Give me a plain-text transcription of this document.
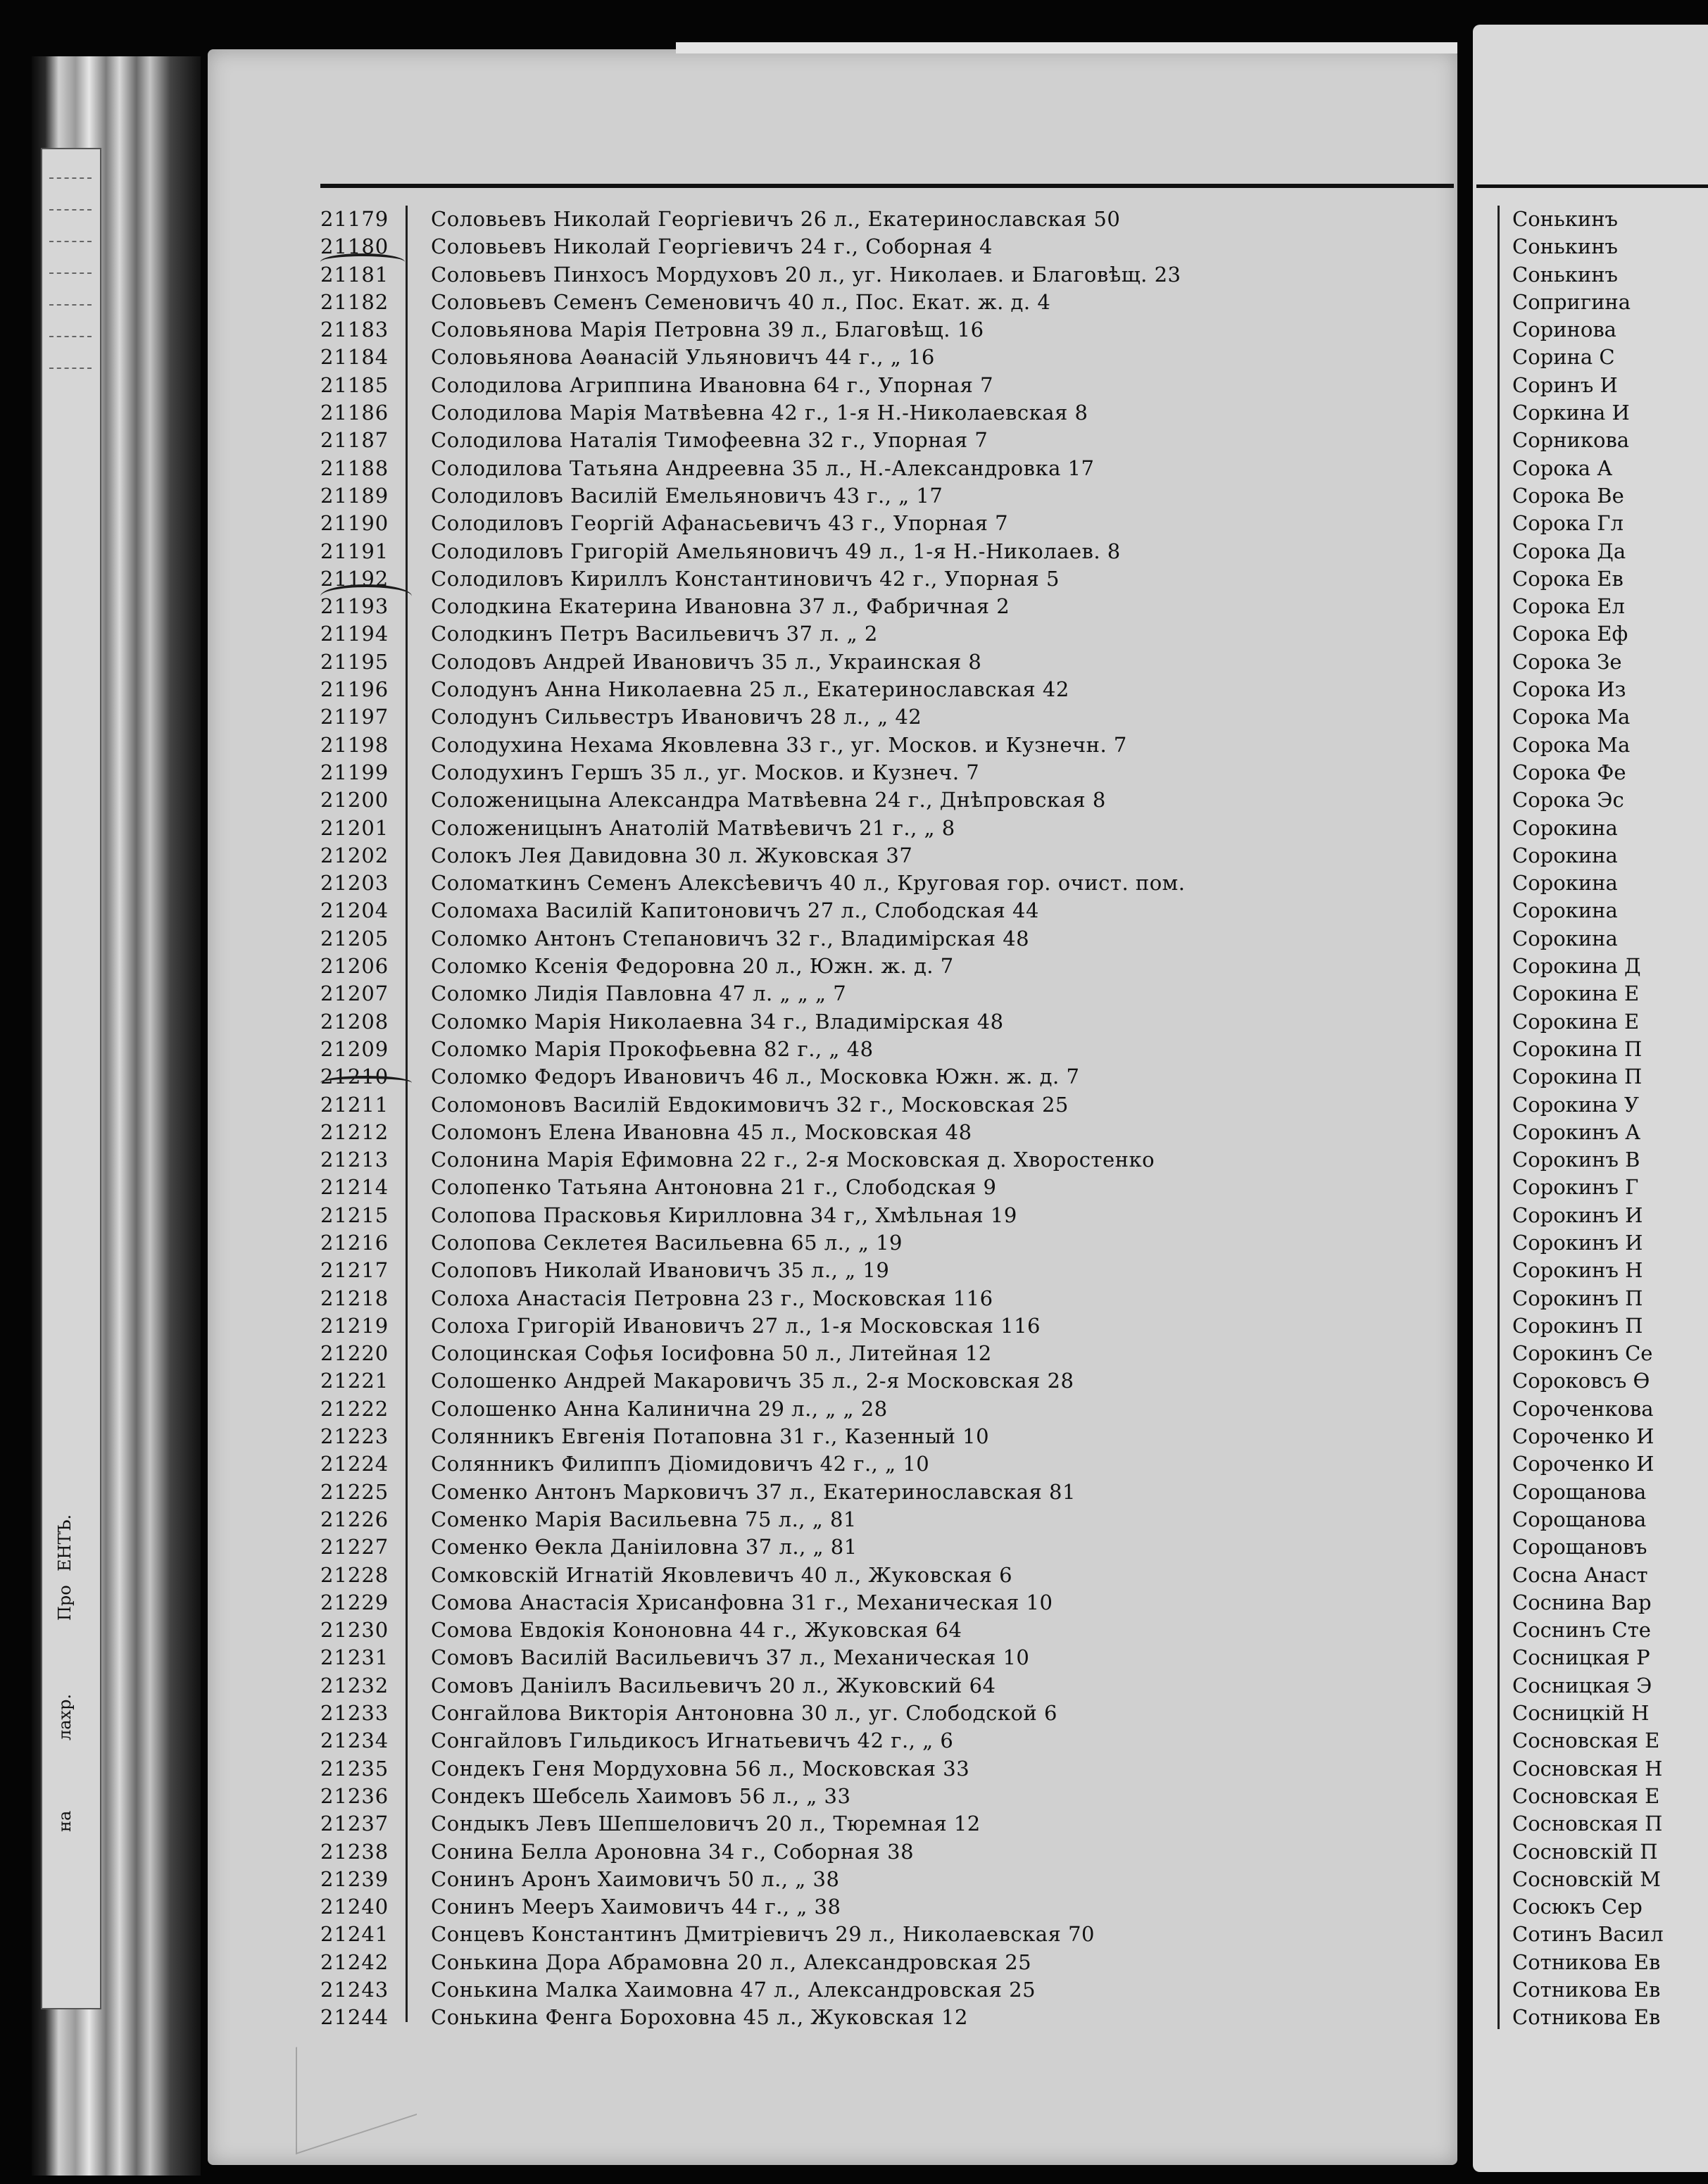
ЕНТЪ.
Про
лахр.
на
21179	Соловьевъ Николай Георгіевичъ 26 л., Екатеринославская 50
21180	Соловьевъ Николай Георгіевичъ 24 г., Соборная 4
21181	Соловьевъ Пинхосъ Мордуховъ 20 л., уг. Николаев. и Благовѣщ. 23
21182	Соловьевъ Семенъ Семеновичъ 40 л., Пос. Екат. ж. д. 4
21183	Соловьянова Марія Петровна 39 л., Благовѣщ. 16
21184	Соловьянова Аѳанасій Ульяновичъ 44 г., „ 16
21185	Солодилова Агриппина Ивановна 64 г., Упорная 7
21186	Солодилова Марія Матвѣевна 42 г., 1-я Н.-Николаевская 8
21187	Солодилова Наталія Тимофеевна 32 г., Упорная 7
21188	Солодилова Татьяна Андреевна 35 л., Н.-Александровка 17
21189	Солодиловъ Василій Емельяновичъ 43 г., „ 17
21190	Солодиловъ Георгій Афанасьевичъ 43 г., Упорная 7
21191	Солодиловъ Григорій Амельяновичъ 49 л., 1-я Н.-Николаев. 8
21192	Солодиловъ Кириллъ Константиновичъ 42 г., Упорная 5
21193	Солодкина Екатерина Ивановна 37 л., Фабричная 2
21194	Солодкинъ Петръ Васильевичъ 37 л. „ 2
21195	Солодовъ Андрей Ивановичъ 35 л., Украинская 8
21196	Солодунъ Анна Николаевна 25 л., Екатеринославская 42
21197	Солодунъ Сильвестръ Ивановичъ 28 л., „ 42
21198	Солодухина Нехама Яковлевна 33 г., уг. Москов. и Кузнечн. 7
21199	Солодухинъ Гершъ 35 л., уг. Москов. и Кузнеч. 7
21200	Соложеницына Александра Матвѣевна 24 г., Днѣпровская 8
21201	Соложеницынъ Анатолій Матвѣевичъ 21 г., „ 8
21202	Солокъ Лея Давидовна 30 л. Жуковская 37
21203	Соломаткинъ Семенъ Алексѣевичъ 40 л., Круговая гор. очист. пом.
21204	Соломаха Василій Капитоновичъ 27 л., Слободская 44
21205	Соломко Антонъ Степановичъ 32 г., Владимірская 48
21206	Соломко Ксенія Федоровна 20 л., Южн. ж. д. 7
21207	Соломко Лидія Павловна 47 л. „ „ „ 7
21208	Соломко Марія Николаевна 34 г., Владимірская 48
21209	Соломко Марія Прокофьевна 82 г., „ 48
21210	Соломко Федоръ Ивановичъ 46 л., Московка Южн. ж. д. 7
21211	Соломоновъ Василій Евдокимовичъ 32 г., Московская 25
21212	Соломонъ Елена Ивановна 45 л., Московская 48
21213	Солонина Марія Ефимовна 22 г., 2-я Московская д. Хворостенко
21214	Солопенко Татьяна Антоновна 21 г., Слободская 9
21215	Солопова Прасковья Кирилловна 34 г,, Хмѣльная 19
21216	Солопова Секлетея Васильевна 65 л., „ 19
21217	Солоповъ Николай Ивановичъ 35 л., „ 19
21218	Солоха Анастасія Петровна 23 г., Московская 116
21219	Солоха Григорій Ивановичъ 27 л., 1-я Московская 116
21220	Солоцинская Софья Іосифовна 50 л., Литейная 12
21221	Солошенко Андрей Макаровичъ 35 л., 2-я Московская 28
21222	Солошенко Анна Калинична 29 л., „ „ 28
21223	Солянникъ Евгенія Потаповна 31 г., Казенный 10
21224	Солянникъ Филиппъ Діомидовичъ 42 г., „ 10
21225	Соменко Антонъ Марковичъ 37 л., Екатеринославская 81
21226	Соменко Марія Васильевна 75 л., „ 81
21227	Соменко Ѳекла Даніиловна 37 л., „ 81
21228	Сомковскій Игнатій Яковлевичъ 40 л., Жуковская 6
21229	Сомова Анастасія Хрисанфовна 31 г., Механическая 10
21230	Сомова Евдокія Кононовна 44 г., Жуковская 64
21231	Сомовъ Василій Васильевичъ 37 л., Механическая 10
21232	Сомовъ Даніилъ Васильевичъ 20 л., Жуковский 64
21233	Сонгайлова Викторія Антоновна 30 л., уг. Слободской 6
21234	Сонгайловъ Гильдикосъ Игнатьевичъ 42 г., „ 6
21235	Сондекъ Геня Мордуховна 56 л., Московская 33
21236	Сондекъ Шебсель Хаимовъ 56 л., „ 33
21237	Сондыкъ Левъ Шепшеловичъ 20 л., Тюремная 12
21238	Сонина Белла Ароновна 34 г., Соборная 38
21239	Сонинъ Аронъ Хаимовичъ 50 л., „ 38
21240	Сонинъ Мееръ Хаимовичъ 44 г., „ 38
21241	Сонцевъ Константинъ Дмитріевичъ 29 л., Николаевская 70
21242	Сонькина Дора Абрамовна 20 л., Александровская 25
21243	Сонькина Малка Хаимовна 47 л., Александровская 25
21244	Сонькина Фенга Бороховна 45 л., Жуковская 12
Сонькинъ
Сонькинъ
Сонькинъ
Сопригина
Соринова
Сорина С
Соринъ И
Соркина И
Сорникова
Сорока А
Сорока Ве
Сорока Гл
Сорока Да
Сорока Ев
Сорока Ел
Сорока Еф
Сорока Зе
Сорока Из
Сорока Ма
Сорока Ма
Сорока Фе
Сорока Эс
Сорокина
Сорокина
Сорокина
Сорокина
Сорокина
Сорокина Д
Сорокина Е
Сорокина Е
Сорокина П
Сорокина П
Сорокина У
Сорокинъ А
Сорокинъ В
Сорокинъ Г
Сорокинъ И
Сорокинъ И
Сорокинъ Н
Сорокинъ П
Сорокинъ П
Сорокинъ Се
Сороковсъ Ѳ
Сороченкова
Сороченко И
Сороченко И
Сорощанова
Сорощанова
Сорощановъ
Сосна Анаст
Соснина Вар
Соснинъ Сте
Сосницкая Р
Сосницкая Э
Сосницкій Н
Сосновская Е
Сосновская Н
Сосновская Е
Сосновская П
Сосновскій П
Сосновскій М
Сосюкъ Сер
Сотинъ Васил
Сотникова Ев
Сотникова Ев
Сотникова Ев
